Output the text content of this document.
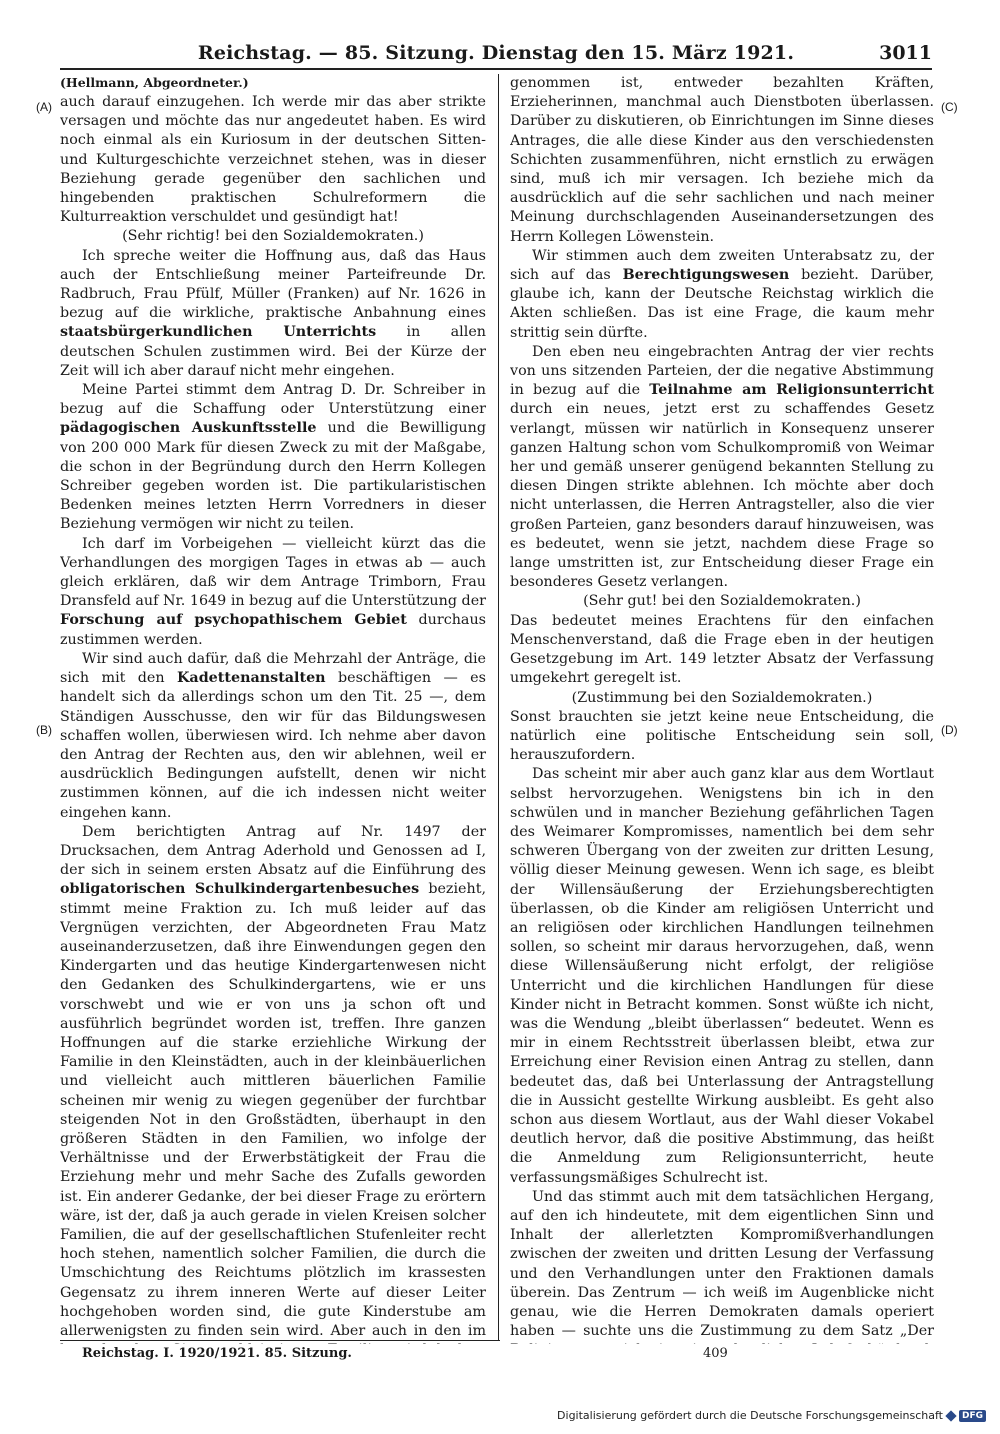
Reichstag. — 85. Sitzung. Dienstag den 15. März 1921.	3011
(A)
(B)
(C)
(D)
(Hellmann, Abgeordneter.)

auch darauf einzugehen. Ich werde mir das aber strikte versagen und möchte das nur angedeutet haben. Es wird noch einmal als ein Kuriosum in der deutschen Sitten- und Kulturgeschichte verzeichnet stehen, was in dieser Beziehung gerade gegenüber den sachlichen und hingebenden praktischen Schulreformern die Kulturreaktion verschuldet und gesündigt hat!

(Sehr richtig! bei den Sozialdemokraten.)

Ich spreche weiter die Hoffnung aus, daß das Haus auch der Entschließung meiner Parteifreunde Dr. Radbruch, Frau Pfülf, Müller (Franken) auf Nr. 1626 in bezug auf die wirkliche, praktische Anbahnung eines staatsbürgerkundlichen Unterrichts in allen deutschen Schulen zustimmen wird. Bei der Kürze der Zeit will ich aber darauf nicht mehr eingehen.

Meine Partei stimmt dem Antrag D. Dr. Schreiber in bezug auf die Schaffung oder Unterstützung einer pädagogischen Auskunftsstelle und die Bewilligung von 200 000 Mark für diesen Zweck zu mit der Maßgabe, die schon in der Begründung durch den Herrn Kollegen Schreiber gegeben worden ist. Die partikularistischen Bedenken meines letzten Herrn Vorredners in dieser Beziehung vermögen wir nicht zu teilen.

Ich darf im Vorbeigehen — vielleicht kürzt das die Verhandlungen des morgigen Tages in etwas ab — auch gleich erklären, daß wir dem Antrage Trimborn, Frau Dransfeld auf Nr. 1649 in bezug auf die Unterstützung der Forschung auf psychopathischem Gebiet durchaus zustimmen werden.

Wir sind auch dafür, daß die Mehrzahl der Anträge, die sich mit den Kadettenanstalten beschäftigen — es handelt sich da allerdings schon um den Tit. 25 —, dem Ständigen Ausschusse, den wir für das Bildungswesen schaffen wollen, überwiesen wird. Ich nehme aber davon den Antrag der Rechten aus, den wir ablehnen, weil er ausdrücklich Bedingungen aufstellt, denen wir nicht zustimmen können, auf die ich indessen nicht weiter eingehen kann.

Dem berichtigten Antrag auf Nr. 1497 der Drucksachen, dem Antrag Aderhold und Genossen ad I, der sich in seinem ersten Absatz auf die Einführung des obligatorischen Schulkindergartenbesuches bezieht, stimmt meine Fraktion zu. Ich muß leider auf das Vergnügen verzichten, der Abgeordneten Frau Matz auseinanderzusetzen, daß ihre Einwendungen gegen den Kindergarten und das heutige Kindergartenwesen nicht den Gedanken des Schulkindergartens, wie er uns vorschwebt und wie er von uns ja schon oft und ausführlich begründet worden ist, treffen. Ihre ganzen Hoffnungen auf die starke erziehliche Wirkung der Familie in den Kleinstädten, auch in der kleinbäuerlichen und vielleicht auch mittleren bäuerlichen Familie scheinen mir wenig zu wiegen gegenüber der furchtbar steigenden Not in den Großstädten, überhaupt in den größeren Städten in den Familien, wo infolge der Verhältnisse und der Erwerbstätigkeit der Frau die Erziehung mehr und mehr Sache des Zufalls geworden ist. Ein anderer Gedanke, der bei dieser Frage zu erörtern wäre, ist der, daß ja auch gerade in vielen Kreisen solcher Familien, die auf der gesellschaftlichen Stufenleiter recht hoch stehen, namentlich solcher Familien, die durch die Umschichtung des Reichtums plötzlich im krassesten Gegensatz zu ihrem inneren Werte auf dieser Leiter hochgehoben worden sind, die gute Kinderstube am allerwenigsten zu finden sein wird. Aber auch in den im

genommen ist, entweder bezahlten Kräften, Erzieherinnen, manchmal auch Dienstboten überlassen. Darüber zu diskutieren, ob Einrichtungen im Sinne dieses Antrages, die alle diese Kinder aus den verschiedensten Schichten zusammenführen, nicht ernstlich zu erwägen sind, muß ich mir versagen. Ich beziehe mich da ausdrücklich auf die sehr sachlichen und nach meiner Meinung durchschlagenden Auseinandersetzungen des Herrn Kollegen Löwenstein.

Wir stimmen auch dem zweiten Unterabsatz zu, der sich auf das Berechtigungswesen bezieht. Darüber, glaube ich, kann der Deutsche Reichstag wirklich die Akten schließen. Das ist eine Frage, die kaum mehr strittig sein dürfte.

Den eben neu eingebrachten Antrag der vier rechts von uns sitzenden Parteien, der die negative Abstimmung in bezug auf die Teilnahme am Religionsunterricht durch ein neues, jetzt erst zu schaffendes Gesetz verlangt, müssen wir natürlich in Konsequenz unserer ganzen Haltung schon vom Schulkompromiß von Weimar her und gemäß unserer genügend bekannten Stellung zu diesen Dingen strikte ablehnen. Ich möchte aber doch nicht unterlassen, die Herren Antragsteller, also die vier großen Parteien, ganz besonders darauf hinzuweisen, was es bedeutet, wenn sie jetzt, nachdem diese Frage so lange umstritten ist, zur Entscheidung dieser Frage ein besonderes Gesetz verlangen.

(Sehr gut! bei den Sozialdemokraten.)

Das bedeutet meines Erachtens für den einfachen Menschenverstand, daß die Frage eben in der heutigen Gesetzgebung im Art. 149 letzter Absatz der Verfassung umgekehrt geregelt ist.

(Zustimmung bei den Sozialdemokraten.)

Sonst brauchten sie jetzt keine neue Entscheidung, die natürlich eine politische Entscheidung sein soll, herauszufordern.

Das scheint mir aber auch ganz klar aus dem Wortlaut selbst hervorzugehen. Wenigstens bin ich in den schwülen und in mancher Beziehung gefährlichen Tagen des Weimarer Kompromisses, namentlich bei dem sehr schweren Übergang von der zweiten zur dritten Lesung, völlig dieser Meinung gewesen. Wenn ich sage, es bleibt der Willensäußerung der Erziehungsberechtigten überlassen, ob die Kinder am religiösen Unterricht und an religiösen oder kirchlichen Handlungen teilnehmen sollen, so scheint mir daraus hervorzugehen, daß, wenn diese Willensäußerung nicht erfolgt, der religiöse Unterricht und die kirchlichen Handlungen für diese Kinder nicht in Betracht kommen. Sonst wüßte ich nicht, was die Wendung „bleibt überlassen“ bedeutet. Wenn es mir in einem Rechtsstreit überlassen bleibt, etwa zur Erreichung einer Revision einen Antrag zu stellen, dann bedeutet das, daß bei Unterlassung der Antragstellung die in Aussicht gestellte Wirkung ausbleibt. Es geht also schon aus diesem Wortlaut, aus der Wahl dieser Vokabel deutlich hervor, daß die positive Abstimmung, das heißt die Anmeldung zum Religionsunterricht, heute verfassungsmäßiges Schulrecht ist.

Und das stimmt auch mit dem tatsächlichen Hergang, auf den ich hindeutete, mit dem eigentlichen Sinn und Inhalt der allerletzten Kompromißverhandlungen zwischen der zweiten und dritten Lesung der Verfassung und den Verhandlungen unter den Fraktionen damals überein. Das Zentrum — ich weiß im Augenblicke nicht genau, wie die Herren Demokraten damals operiert haben — suchte uns die Zustimmung zu dem Satz „Der

Reichstag. I. 1920/1921. 85. Sitzung.	409
Digitalisierung gefördert durch die Deutsche Forschungsgemeinschaft	DFG
